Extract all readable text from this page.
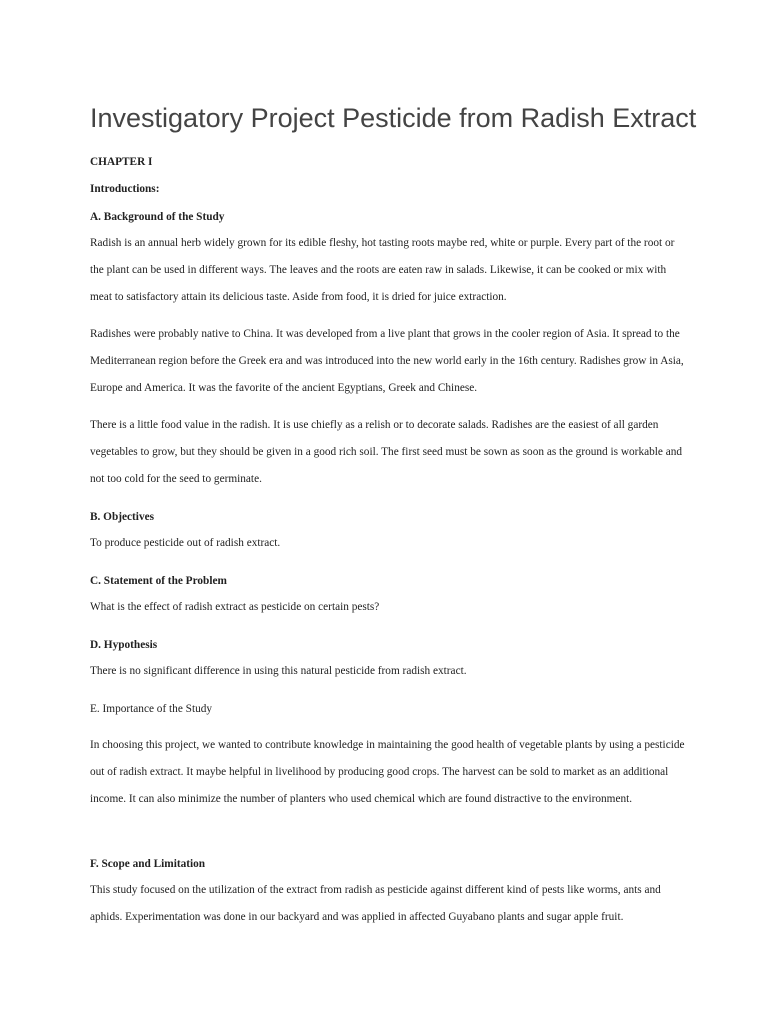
Investigatory Project Pesticide from Radish Extract

CHAPTER I

Introductions:

A. Background of the Study

Radish is an annual herb widely grown for its edible fleshy, hot tasting roots maybe red, white or purple. Every part of the root or the plant can be used in different ways. The leaves and the roots are eaten raw in salads. Likewise, it can be cooked or mix with meat to satisfactory attain its delicious taste. Aside from food, it is dried for juice extraction.

Radishes were probably native to China. It was developed from a live plant that grows in the cooler region of Asia. It spread to the Mediterranean region before the Greek era and was introduced into the new world early in the 16th century. Radishes grow in Asia, Europe and America. It was the favorite of the ancient Egyptians, Greek and Chinese.

There is a little food value in the radish. It is use chiefly as a relish or to decorate salads. Radishes are the easiest of all garden vegetables to grow, but they should be given in a good rich soil. The first seed must be sown as soon as the ground is workable and not too cold for the seed to germinate.

B. Objectives

To produce pesticide out of radish extract.

C. Statement of the Problem

What is the effect of radish extract as pesticide on certain pests?

D. Hypothesis

There is no significant difference in using this natural pesticide from radish extract.

E. Importance of the Study

In choosing this project, we wanted to contribute knowledge in maintaining the good health of vegetable plants by using a pesticide out of radish extract. It maybe helpful in livelihood by producing good crops. The harvest can be sold to market as an additional income. It can also minimize the number of planters who used chemical which are found distractive to the environment.

F. Scope and Limitation

This study focused on the utilization of the extract from radish as pesticide against different kind of pests like worms, ants and aphids. Experimentation was done in our backyard and was applied in affected Guyabano plants and sugar apple fruit.
